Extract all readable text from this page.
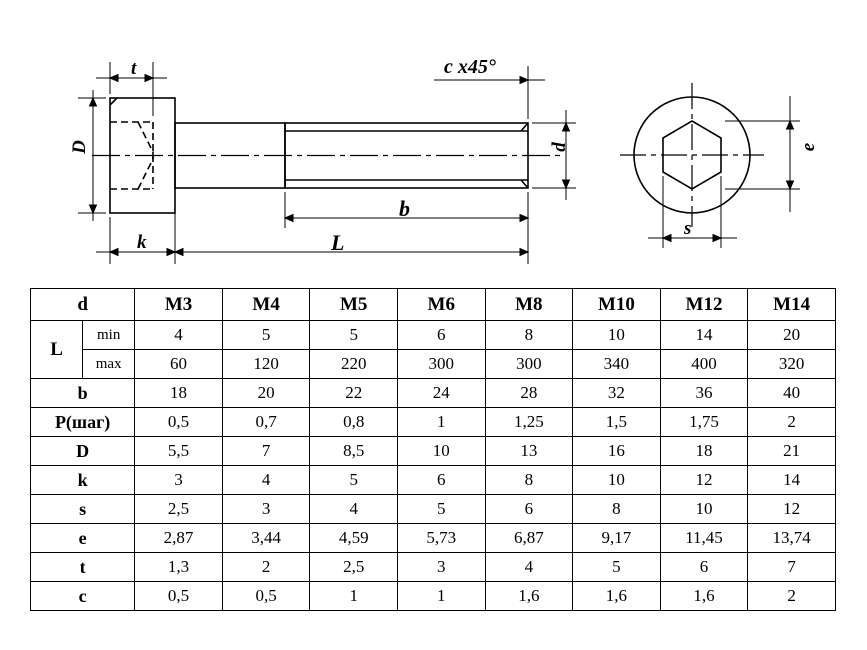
t
D
k
b
L
c x45°
d	e
s
d		M3	M4	M5	M6	M8	M10	M12	M14
L	min	4	5	5	6	8	10	14	20
	max	60	120	220	300	300	340	400	320
b		18	20	22	24	28	32	36	40
P(шаг)		0,5	0,7	0,8	1	1,25	1,5	1,75	2
D		5,5	7	8,5	10	13	16	18	21
k		3	4	5	6	8	10	12	14
s		2,5	3	4	5	6	8	10	12
e		2,87	3,44	4,59	5,73	6,87	9,17	11,45	13,74
t		1,3	2	2,5	3	4	5	6	7
c		0,5	0,5	1	1	1,6	1,6	1,6	2
